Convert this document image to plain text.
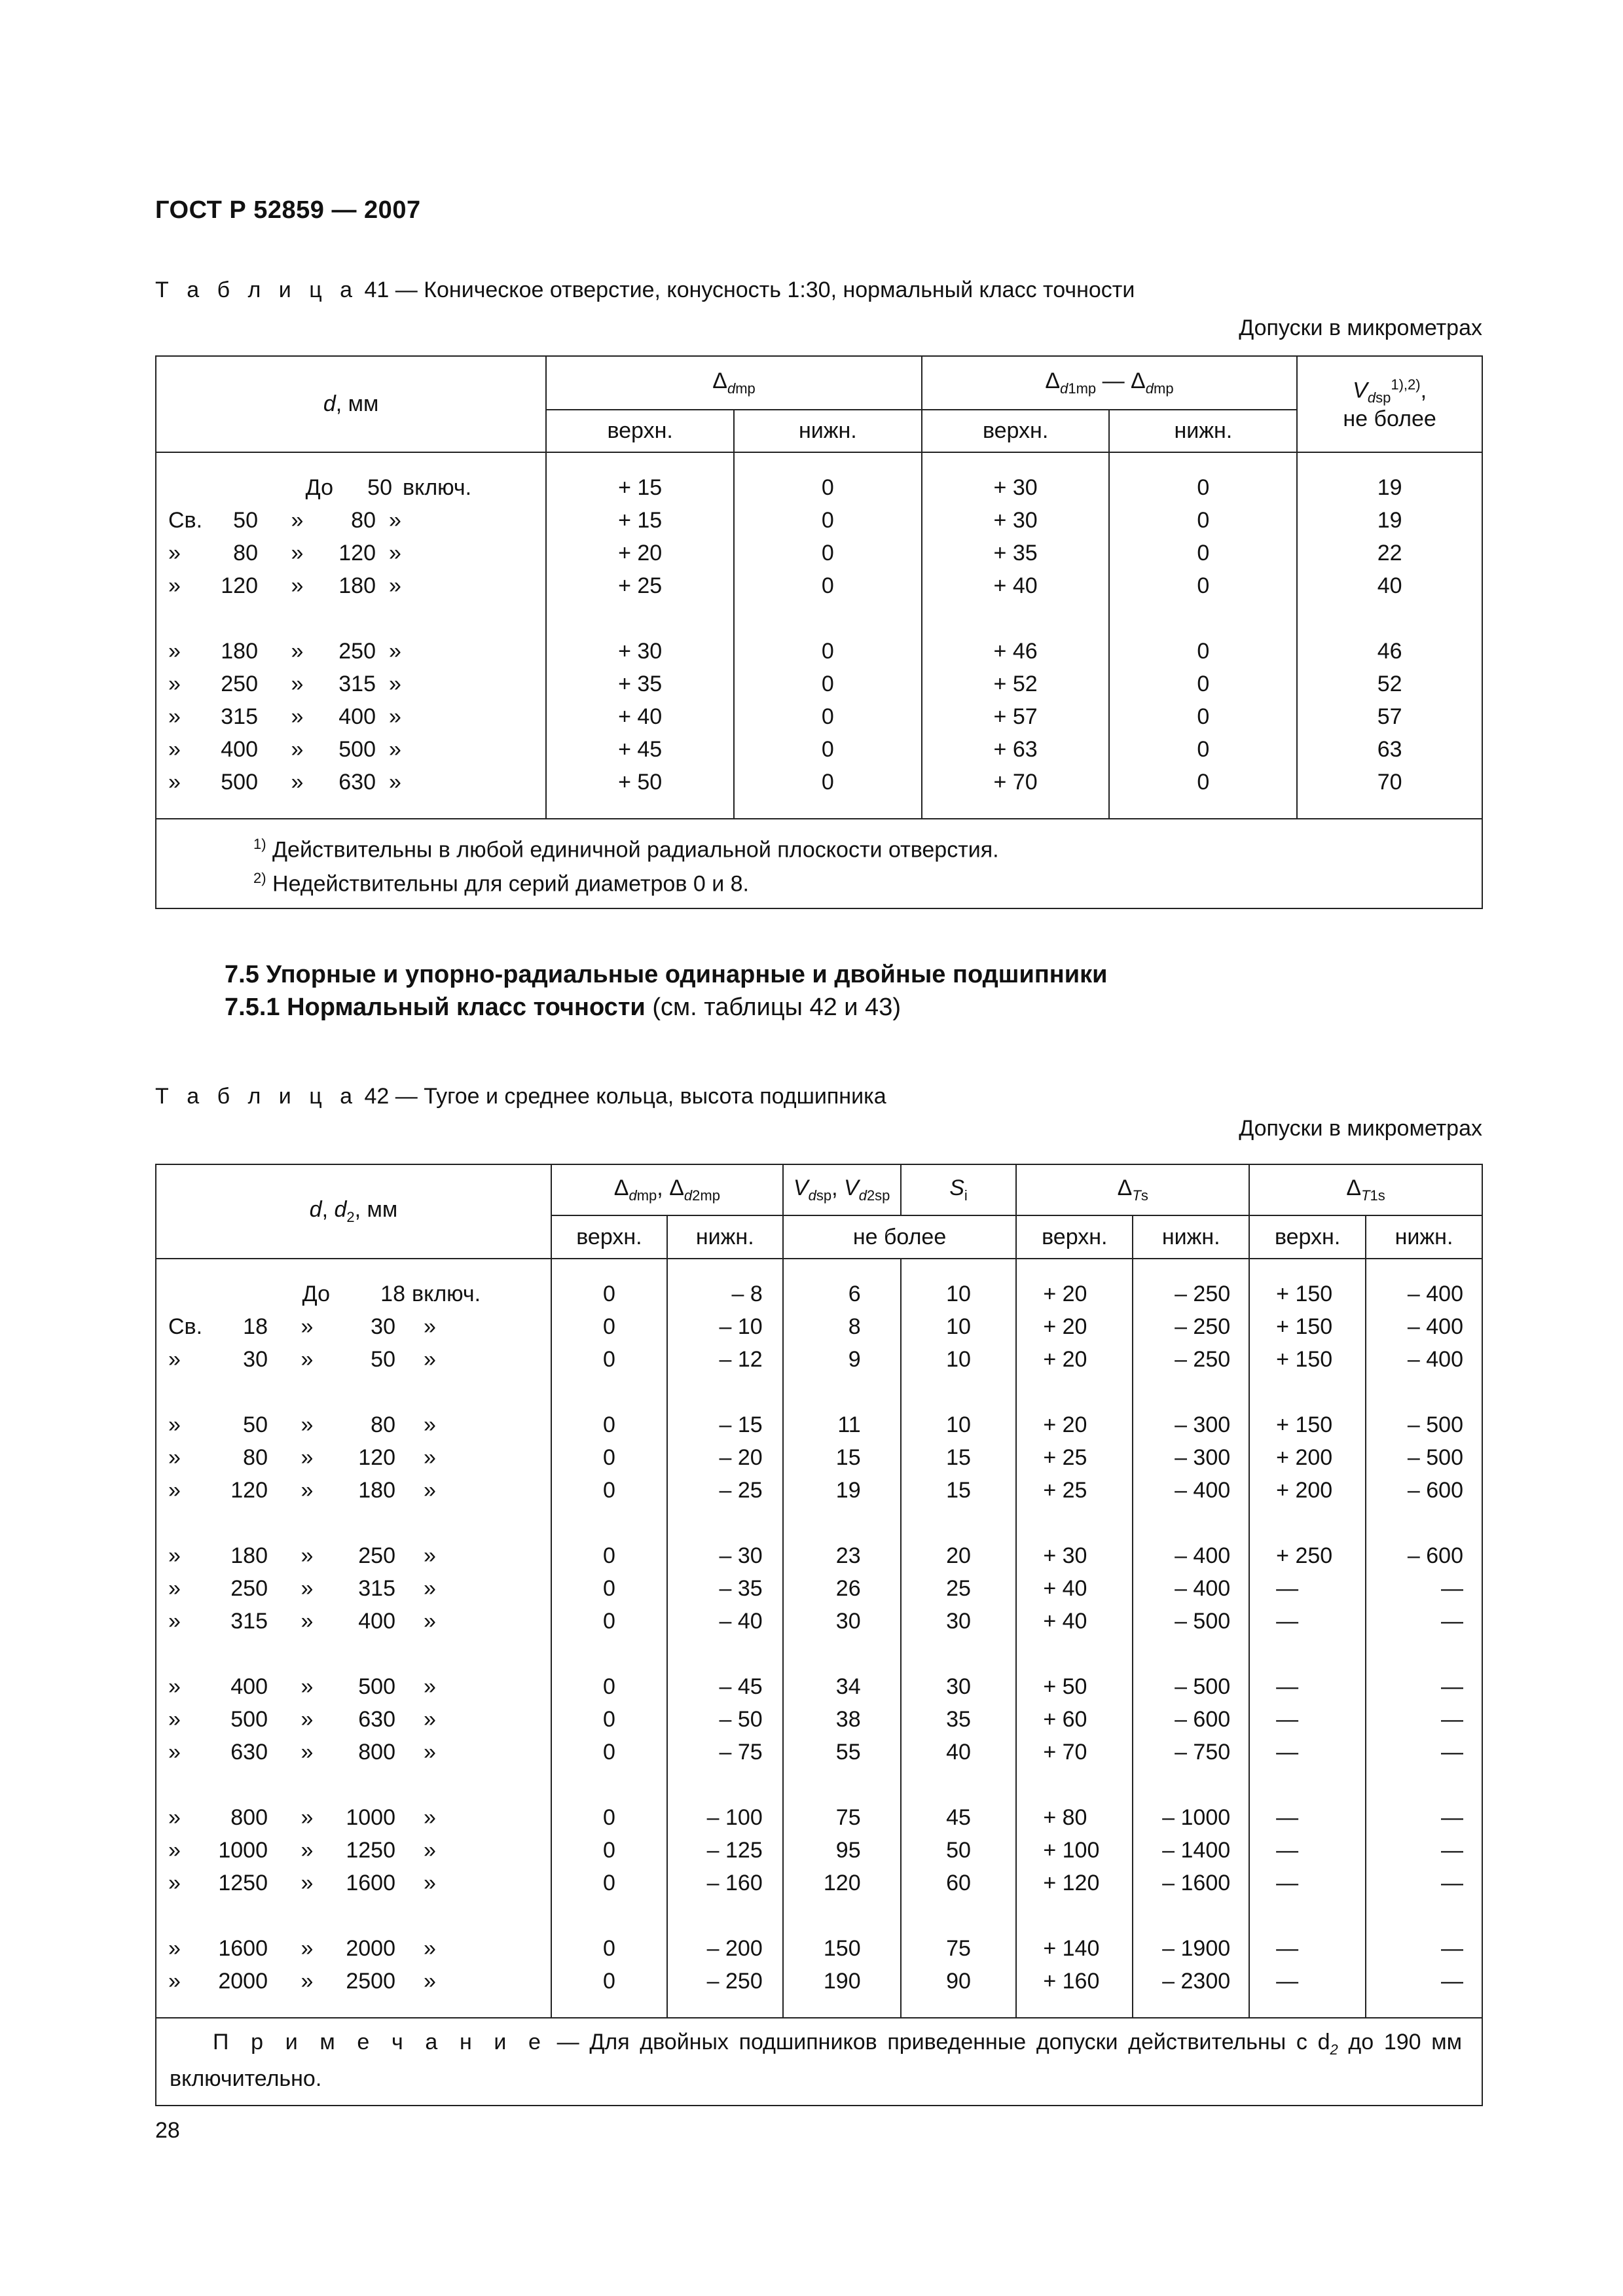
ГОСТ Р 52859 — 2007
Т а б л и ц а 41 — Коническое отверстие, конусность 1:30, нормальный класс точности
Допуски в микрометрах
d, мм	$\Delta_{dmp}$		$\Delta_{d1mp}$ — $\Delta_{dmp}$		$V_{dsp}^{1),2)}$,
не более
	верхн.	нижн.	верхн.	нижн.	

До 50 включ.	+ 15	0	+ 30	0	19

Св. 50 » 80 »	+ 15	0	+ 30	0	19

» 80 » 120 »	+ 20	0	+ 35	0	22

» 120 » 180 »	+ 25	0	+ 40	0	40

» 180 » 250 »	+ 30	0	+ 46	0	46

» 250 » 315 »	+ 35	0	+ 52	0	52

» 315 » 400 »	+ 40	0	+ 57	0	57

» 400 » 500 »	+ 45	0	+ 63	0	63

» 500 » 630 »	+ 50	0	+ 70	0	70

$^{1)}$ Действительны в любой единичной радиальной плоскости отверстия.
$^{2)}$ Недействительны для серий диаметров 0 и 8.					
7.5 Упорные и упорно-радиальные одинарные и двойные подшипники
7.5.1 Нормальный класс точности (см. таблицы 42 и 43)
Т а б л и ц а 42 — Тугое и среднее кольца, высота подшипника
Допуски в микрометрах
d, $d_2$, мм	$\Delta_{dmp}$, $\Delta_{d2mp}$		$V_{dsp}$, $V_{d2sp}$	$S_i$	$\Delta_{Ts}$		$\Delta_{T1s}$
	верхн.	нижн.	не более		верхн.	нижн.	верхн.	нижн.

До 18 включ.	0	– 8	6	10	+ 20	– 250	+ 150	– 400

Св. 18 » 30 »	0	– 10	8	10	+ 20	– 250	+ 150	– 400

» 30 » 50 »	0	– 12	9	10	+ 20	– 250	+ 150	– 400

» 50 » 80 »	0	– 15	11	10	+ 20	– 300	+ 150	– 500

» 80 » 120 »	0	– 20	15	15	+ 25	– 300	+ 200	– 500

» 120 » 180 »	0	– 25	19	15	+ 25	– 400	+ 200	– 600

» 180 » 250 »	0	– 30	23	20	+ 30	– 400	+ 250	– 600

» 250 » 315 »	0	– 35	26	25	+ 40	– 400	—	—

» 315 » 400 »	0	– 40	30	30	+ 40	– 500	—	—

» 400 » 500 »	0	– 45	34	30	+ 50	– 500	—	—

» 500 » 630 »	0	– 50	38	35	+ 60	– 600	—	—

» 630 » 800 »	0	– 75	55	40	+ 70	– 750	—	—

» 800 » 1000 »	0	– 100	75	45	+ 80	– 1000	—	—

» 1000 » 1250 »	0	– 125	95	50	+ 100	– 1400	—	—

» 1250 » 1600 »	0	– 160	120	60	+ 120	– 1600	—	—

» 1600 » 2000 »	0	– 200	150	75	+ 140	– 1900	—	—

» 2000 » 2500 »	0	– 250	190	90	+ 160	– 2300	—	—

П р и м е ч а н и е — Для двойных подшипников приведенные допуски действительны с $d_2$ до 190 мм включительно.								
28
